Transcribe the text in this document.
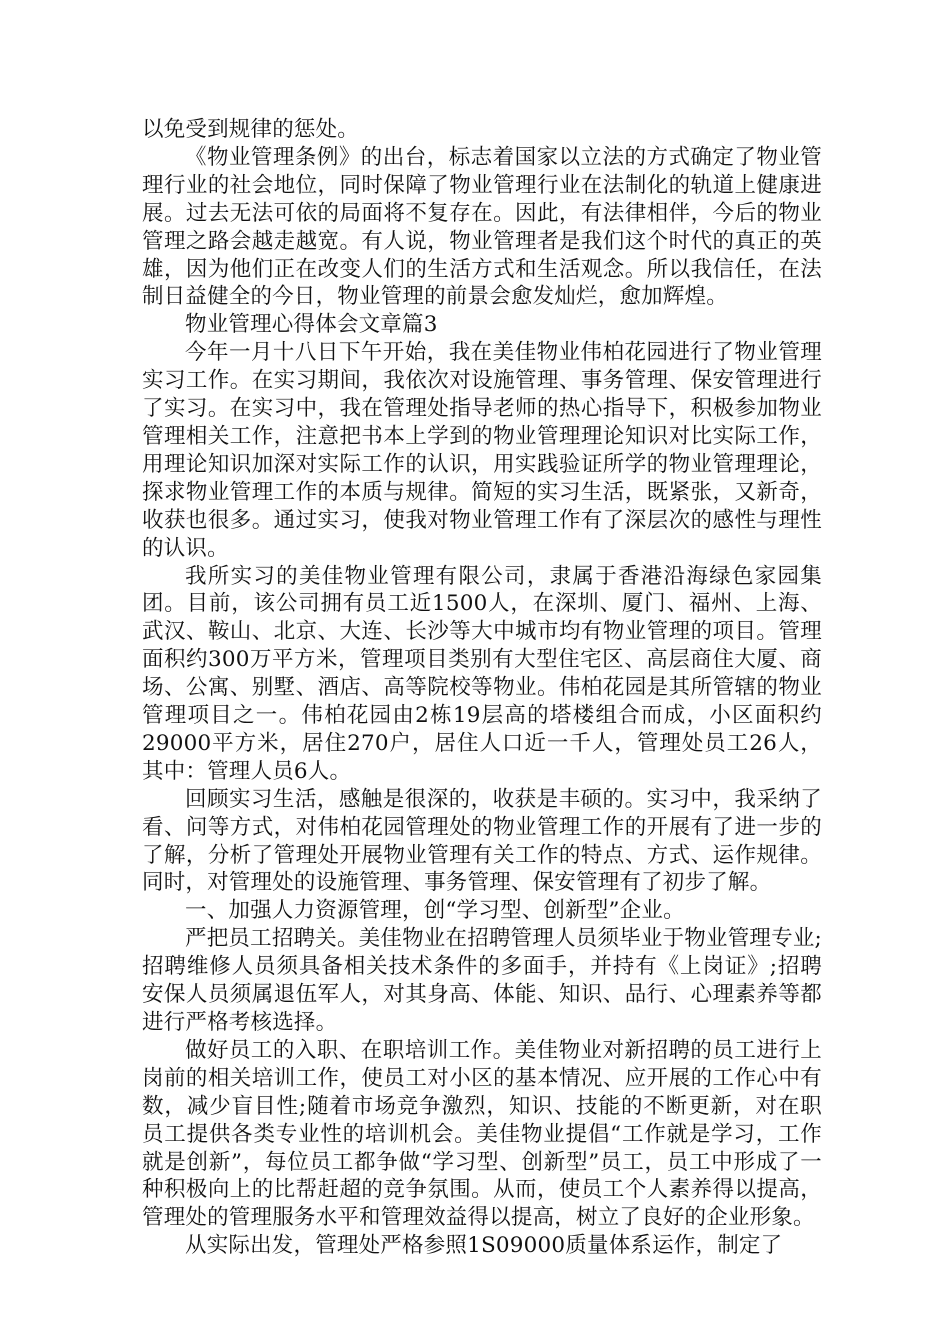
以免受到规律的惩处。

《物业管理条例》的出台，标志着国家以立法的方式确定了物业管理行业的社会地位，同时保障了物业管理行业在法制化的轨道上健康进展。过去无法可依的局面将不复存在。因此，有法律相伴，今后的物业管理之路会越走越宽。有人说，物业管理者是我们这个时代的真正的英雄，因为他们正在改变人们的生活方式和生活观念。所以我信任，在法制日益健全的今日，物业管理的前景会愈发灿烂，愈加辉煌。

物业管理心得体会文章篇3

今年一月十八日下午开始，我在美佳物业伟柏花园进行了物业管理实习工作。在实习期间，我依次对设施管理、事务管理、保安管理进行了实习。在实习中，我在管理处指导老师的热心指导下，积极参加物业管理相关工作，注意把书本上学到的物业管理理论知识对比实际工作，用理论知识加深对实际工作的认识，用实践验证所学的物业管理理论，探求物业管理工作的本质与规律。简短的实习生活，既紧张，又新奇，收获也很多。通过实习，使我对物业管理工作有了深层次的感性与理性的认识。

我所实习的美佳物业管理有限公司，隶属于香港沿海绿色家园集团。目前，该公司拥有员工近1500人，在深圳、厦门、福州、上海、武汉、鞍山、北京、大连、长沙等大中城市均有物业管理的项目。管理面积约300万平方米，管理项目类别有大型住宅区、高层商住大厦、商场、公寓、别墅、酒店、高等院校等物业。伟柏花园是其所管辖的物业管理项目之一。伟柏花园由2栋19层高的塔楼组合而成，小区面积约29000平方米，居住270户，居住人口近一千人，管理处员工26人，其中：管理人员6人。

回顾实习生活，感触是很深的，收获是丰硕的。实习中，我采纳了看、问等方式，对伟柏花园管理处的物业管理工作的开展有了进一步的了解，分析了管理处开展物业管理有关工作的特点、方式、运作规律。同时，对管理处的设施管理、事务管理、保安管理有了初步了解。

一、加强人力资源管理，创“学习型、创新型”企业。

严把员工招聘关。美佳物业在招聘管理人员须毕业于物业管理专业;招聘维修人员须具备相关技术条件的多面手，并持有《上岗证》;招聘安保人员须属退伍军人，对其身高、体能、知识、品行、心理素养等都进行严格考核选择。

做好员工的入职、在职培训工作。美佳物业对新招聘的员工进行上岗前的相关培训工作，使员工对小区的基本情况、应开展的工作心中有数，减少盲目性;随着市场竞争激烈，知识、技能的不断更新，对在职员工提供各类专业性的培训机会。美佳物业提倡“工作就是学习，工作就是创新”，每位员工都争做“学习型、创新型”员工，员工中形成了一种积极向上的比帮赶超的竞争氛围。从而，使员工个人素养得以提高，管理处的管理服务水平和管理效益得以提高，树立了良好的企业形象。

从实际出发，管理处严格参照1S09000质量体系运作，制定了
